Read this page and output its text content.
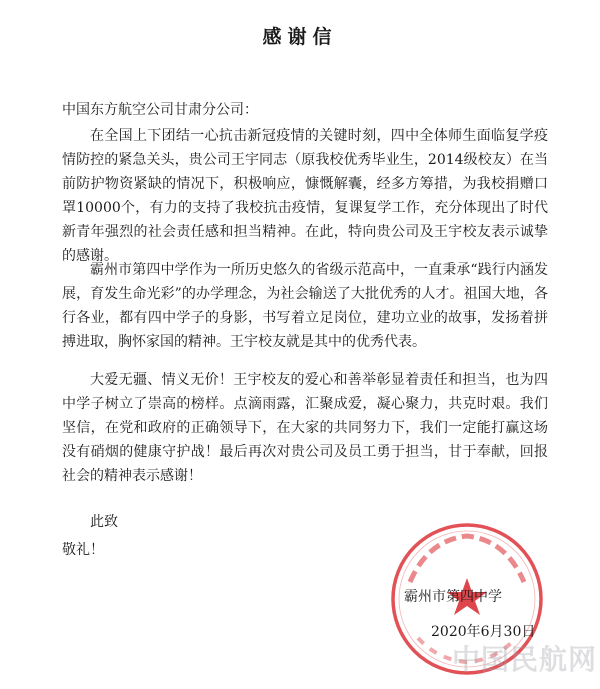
感谢信
中国东方航空公司甘肃分公司：

在全国上下团结一心抗击新冠疫情的关键时刻，四中全体师生面临复学疫情防控的紧急关头，贵公司王宇同志（原我校优秀毕业生，2014级校友）在当前防护物资紧缺的情况下，积极响应，慷慨解囊，经多方筹措，为我校捐赠口罩10000个，有力的支持了我校抗击疫情，复课复学工作，充分体现出了时代新青年强烈的社会责任感和担当精神。在此，特向贵公司及王宇校友表示诚挚的感谢。

霸州市第四中学作为一所历史悠久的省级示范高中，一直秉承“践行内涵发展，育发生命光彩”的办学理念，为社会输送了大批优秀的人才。祖国大地，各行各业，都有四中学子的身影，书写着立足岗位，建功立业的故事，发扬着拼搏进取，胸怀家国的精神。王宇校友就是其中的优秀代表。

大爱无疆、情义无价！王宇校友的爱心和善举彰显着责任和担当，也为四中学子树立了崇高的榜样。点滴雨露，汇聚成爱，凝心聚力，共克时艰。我们坚信，在党和政府的正确领导下，在大家的共同努力下，我们一定能打赢这场没有硝烟的健康守护战！最后再次对贵公司及员工勇于担当，甘于奉献，回报社会的精神表示感谢！

此致
敬礼！
霸州市第四中学
2020年6月30日
中国民航网
